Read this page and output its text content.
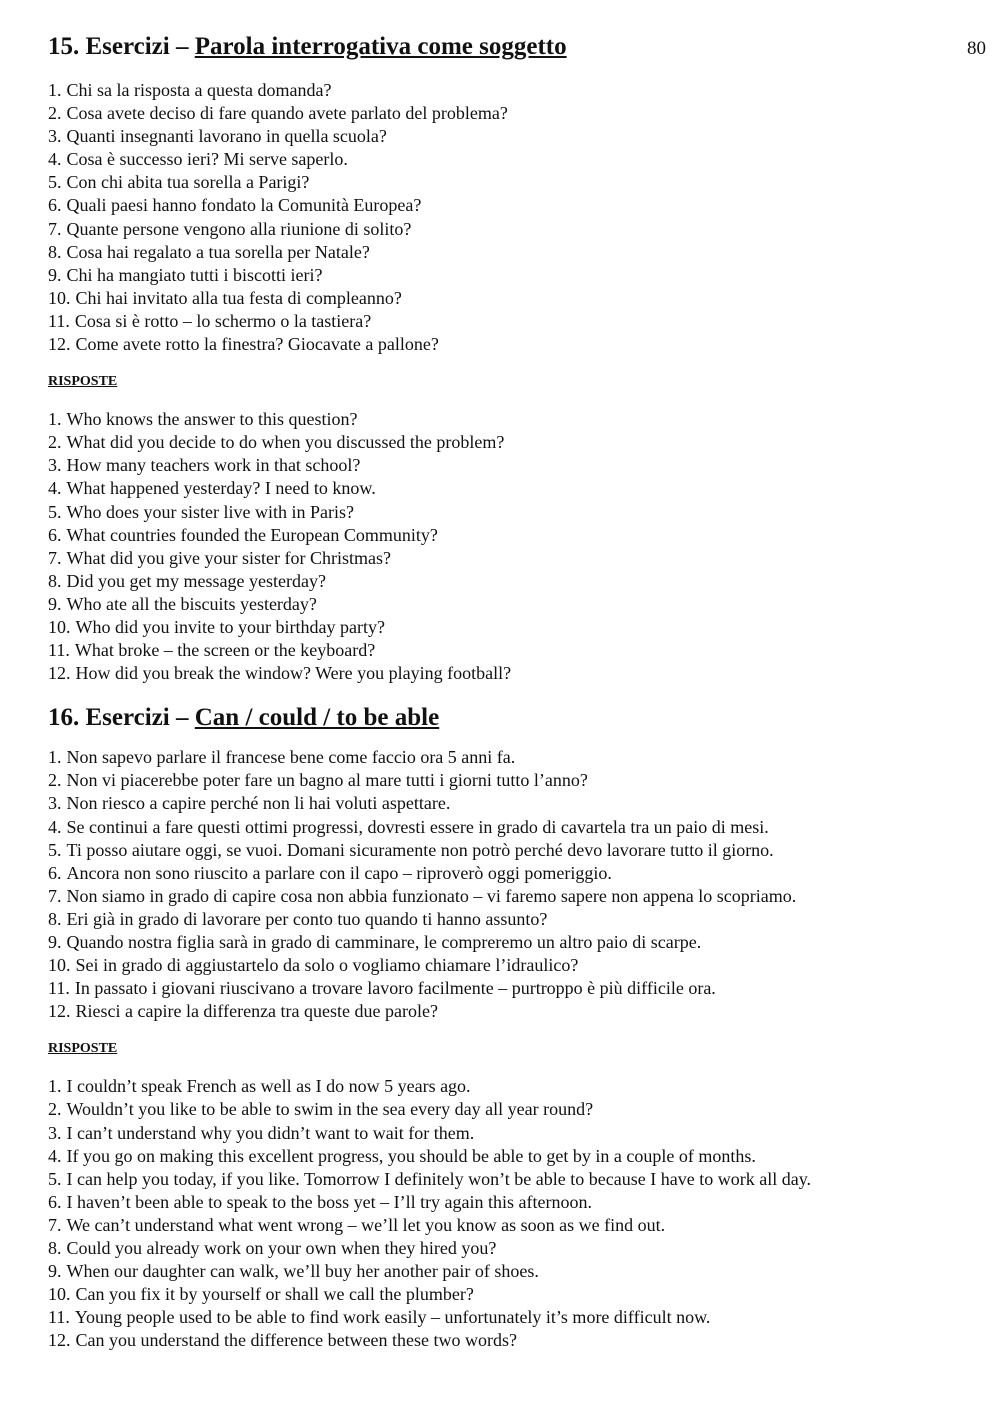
80
15. Esercizi – Parola interrogativa come soggetto
1. Chi sa la risposta a questa domanda?
2. Cosa avete deciso di fare quando avete parlato del problema?
3. Quanti insegnanti lavorano in quella scuola?
4. Cosa è successo ieri? Mi serve saperlo.
5. Con chi abita tua sorella a Parigi?
6. Quali paesi hanno fondato la Comunità Europea?
7. Quante persone vengono alla riunione di solito?
8. Cosa hai regalato a tua sorella per Natale?
9. Chi ha mangiato tutti i biscotti ieri?
10. Chi hai invitato alla tua festa di compleanno?
11. Cosa si è rotto – lo schermo o la tastiera?
12. Come avete rotto la finestra? Giocavate a pallone?
RISPOSTE
1. Who knows the answer to this question?
2. What did you decide to do when you discussed the problem?
3. How many teachers work in that school?
4. What happened yesterday? I need to know.
5. Who does your sister live with in Paris?
6. What countries founded the European Community?
7. What did you give your sister for Christmas?
8. Did you get my message yesterday?
9. Who ate all the biscuits yesterday?
10. Who did you invite to your birthday party?
11. What broke – the screen or the keyboard?
12. How did you break the window? Were you playing football?
16. Esercizi – Can / could / to be able
1. Non sapevo parlare il francese bene come faccio ora 5 anni fa.
2. Non vi piacerebbe poter fare un bagno al mare tutti i giorni tutto l’anno?
3. Non riesco a capire perché non li hai voluti aspettare.
4. Se continui a fare questi ottimi progressi, dovresti essere in grado di cavartela tra un paio di mesi.
5. Ti posso aiutare oggi, se vuoi. Domani sicuramente non potrò perché devo lavorare tutto il giorno.
6. Ancora non sono riuscito a parlare con il capo – riproverò oggi pomeriggio.
7. Non siamo in grado di capire cosa non abbia funzionato – vi faremo sapere non appena lo scopriamo.
8. Eri già in grado di lavorare per conto tuo quando ti hanno assunto?
9. Quando nostra figlia sarà in grado di camminare, le compreremo un altro paio di scarpe.
10. Sei in grado di aggiustartelo da solo o vogliamo chiamare l’idraulico?
11. In passato i giovani riuscivano a trovare lavoro facilmente – purtroppo è più difficile ora.
12. Riesci a capire la differenza tra queste due parole?
RISPOSTE
1. I couldn’t speak French as well as I do now 5 years ago.
2. Wouldn’t you like to be able to swim in the sea every day all year round?
3. I can’t understand why you didn’t want to wait for them.
4. If you go on making this excellent progress, you should be able to get by in a couple of months.
5. I can help you today, if you like. Tomorrow I definitely won’t be able to because I have to work all day.
6. I haven’t been able to speak to the boss yet – I’ll try again this afternoon.
7. We can’t understand what went wrong – we’ll let you know as soon as we find out.
8. Could you already work on your own when they hired you?
9. When our daughter can walk, we’ll buy her another pair of shoes.
10. Can you fix it by yourself or shall we call the plumber?
11. Young people used to be able to find work easily – unfortunately it’s more difficult now.
12. Can you understand the difference between these two words?
